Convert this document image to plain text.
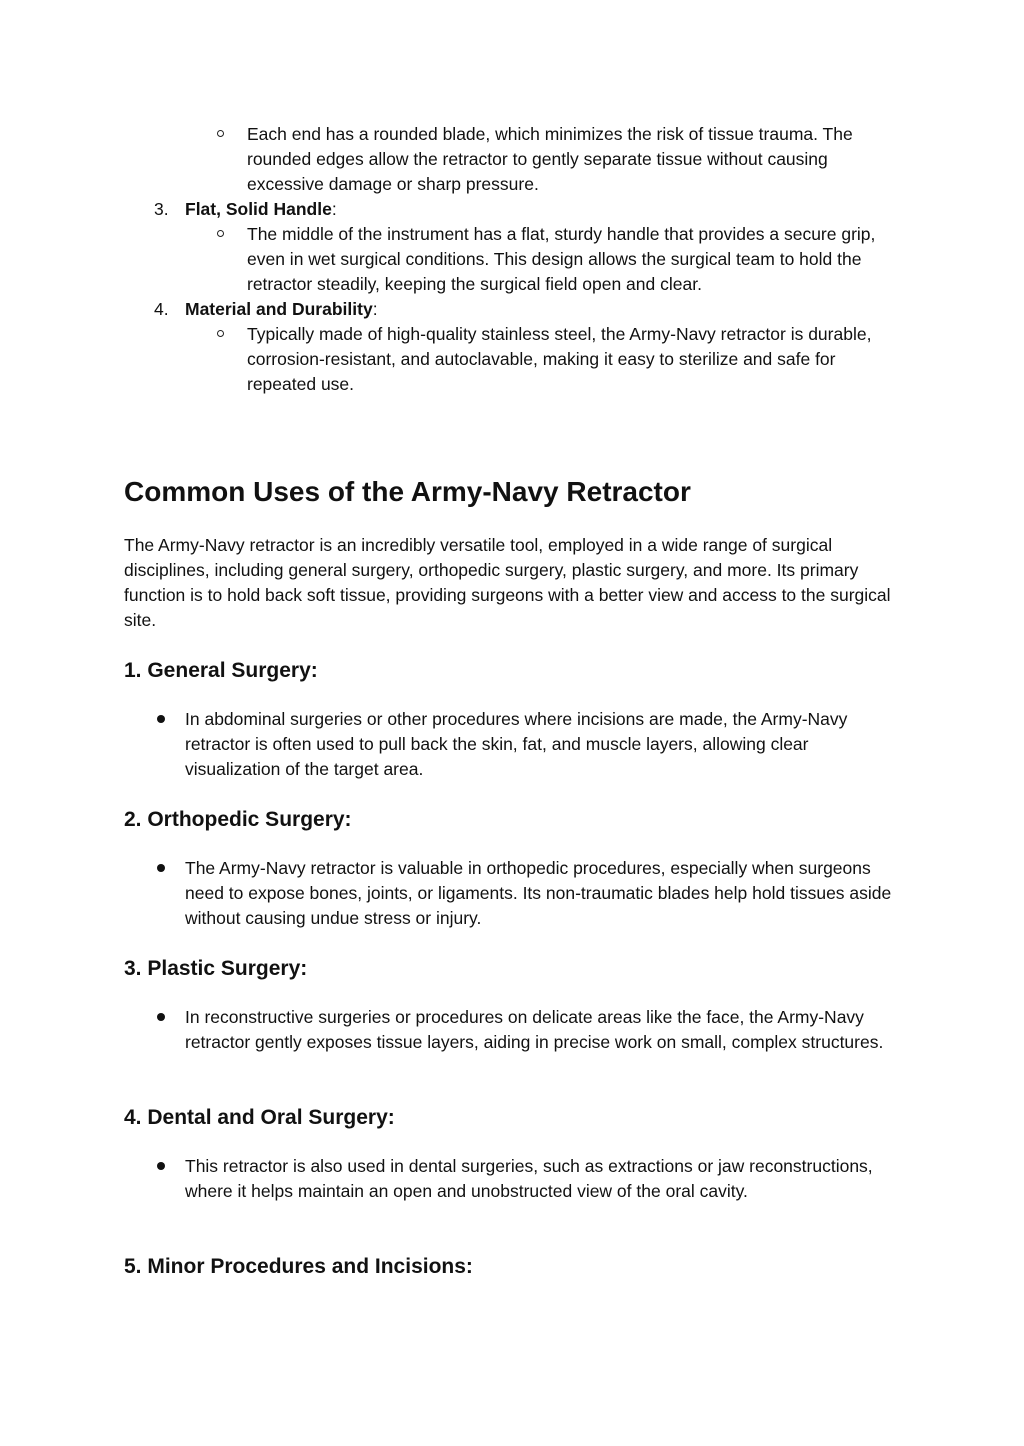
Each end has a rounded blade, which minimizes the risk of tissue trauma. The rounded edges allow the retractor to gently separate tissue without causing excessive damage or sharp pressure.
3. Flat, Solid Handle:
The middle of the instrument has a flat, sturdy handle that provides a secure grip, even in wet surgical conditions. This design allows the surgical team to hold the retractor steadily, keeping the surgical field open and clear.
4. Material and Durability:
Typically made of high-quality stainless steel, the Army-Navy retractor is durable, corrosion-resistant, and autoclavable, making it easy to sterilize and safe for repeated use.
Common Uses of the Army-Navy Retractor
The Army-Navy retractor is an incredibly versatile tool, employed in a wide range of surgical disciplines, including general surgery, orthopedic surgery, plastic surgery, and more. Its primary function is to hold back soft tissue, providing surgeons with a better view and access to the surgical site.
1. General Surgery:
In abdominal surgeries or other procedures where incisions are made, the Army-Navy retractor is often used to pull back the skin, fat, and muscle layers, allowing clear visualization of the target area.
2. Orthopedic Surgery:
The Army-Navy retractor is valuable in orthopedic procedures, especially when surgeons need to expose bones, joints, or ligaments. Its non-traumatic blades help hold tissues aside without causing undue stress or injury.
3. Plastic Surgery:
In reconstructive surgeries or procedures on delicate areas like the face, the Army-Navy retractor gently exposes tissue layers, aiding in precise work on small, complex structures.
4. Dental and Oral Surgery:
This retractor is also used in dental surgeries, such as extractions or jaw reconstructions, where it helps maintain an open and unobstructed view of the oral cavity.
5. Minor Procedures and Incisions:
